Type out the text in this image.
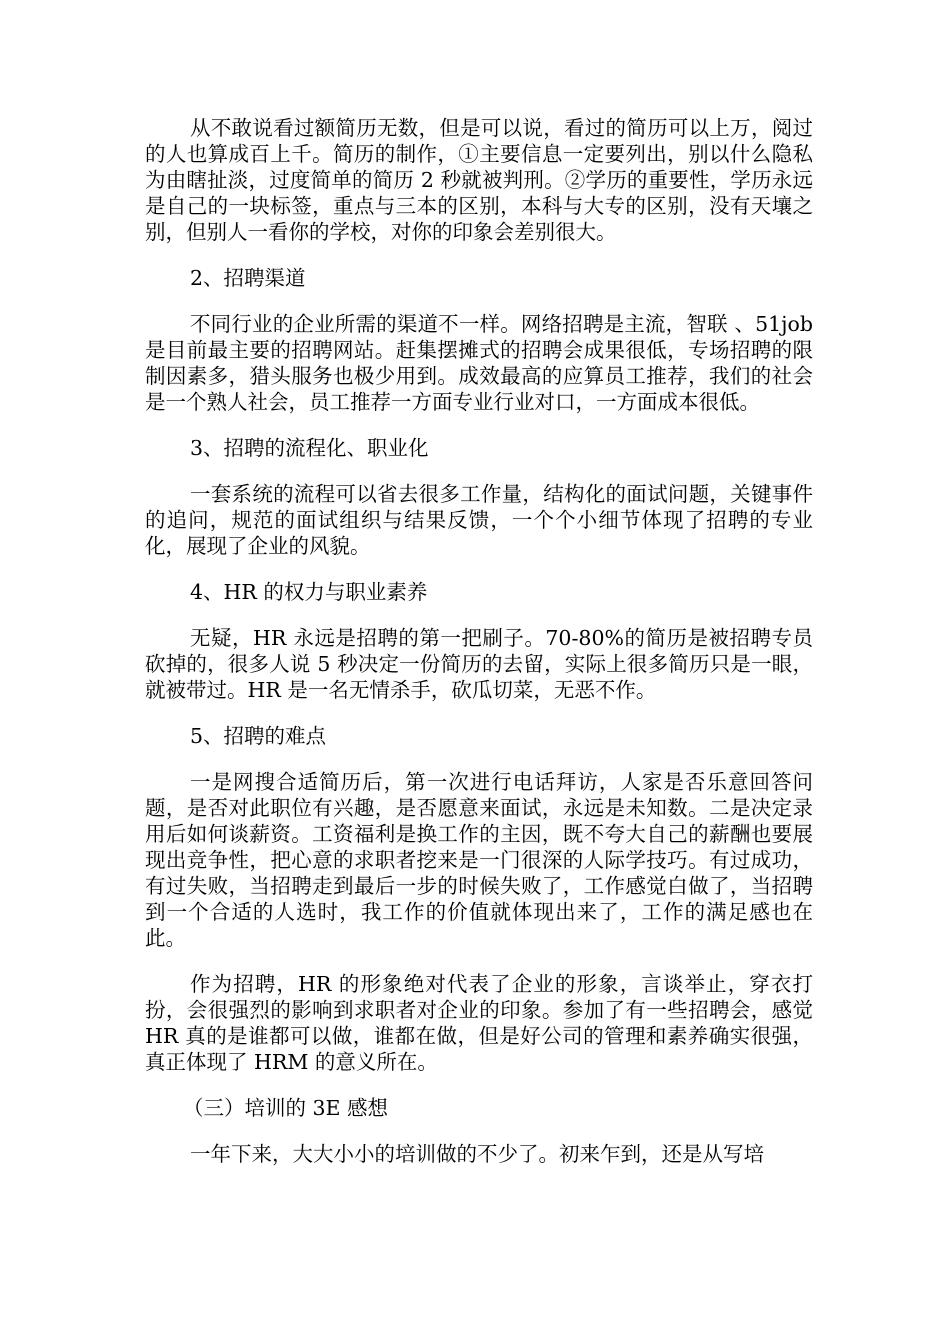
从不敢说看过额简历无数，但是可以说，看过的简历可以上万，阅过的人也算成百上千。简历的制作，①主要信息一定要列出，别以什么隐私为由瞎扯淡，过度简单的简历 2 秒就被判刑。②学历的重要性，学历永远是自己的一块标签，重点与三本的区别，本科与大专的区别，没有天壤之别，但别人一看你的学校，对你的印象会差别很大。

2、招聘渠道

不同行业的企业所需的渠道不一样。网络招聘是主流，智联 、51job 是目前最主要的招聘网站。赶集摆摊式的招聘会成果很低，专场招聘的限制因素多，猎头服务也极少用到。成效最高的应算员工推荐，我们的社会是一个熟人社会，员工推荐一方面专业行业对口，一方面成本很低。

3、招聘的流程化、职业化

一套系统的流程可以省去很多工作量，结构化的面试问题，关键事件的追问，规范的面试组织与结果反馈，一个个小细节体现了招聘的专业化，展现了企业的风貌。

4、HR 的权力与职业素养

无疑，HR 永远是招聘的第一把刷子。70-80%的简历是被招聘专员砍掉的，很多人说 5 秒决定一份简历的去留，实际上很多简历只是一眼，就被带过。HR 是一名无情杀手，砍瓜切菜，无恶不作。

5、招聘的难点

一是网搜合适简历后，第一次进行电话拜访，人家是否乐意回答问题，是否对此职位有兴趣，是否愿意来面试，永远是未知数。二是决定录用后如何谈薪资。工资福利是换工作的主因，既不夸大自己的薪酬也要展现出竞争性，把心意的求职者挖来是一门很深的人际学技巧。有过成功，有过失败，当招聘走到最后一步的时候失败了，工作感觉白做了，当招聘到一个合适的人选时，我工作的价值就体现出来了，工作的满足感也在此。

作为招聘，HR 的形象绝对代表了企业的形象，言谈举止，穿衣打扮，会很强烈的影响到求职者对企业的印象。参加了有一些招聘会，感觉 HR 真的是谁都可以做，谁都在做，但是好公司的管理和素养确实很强，真正体现了 HRM 的意义所在。

（三）培训的 3E 感想

一年下来，大大小小的培训做的不少了。初来乍到，还是从写培
